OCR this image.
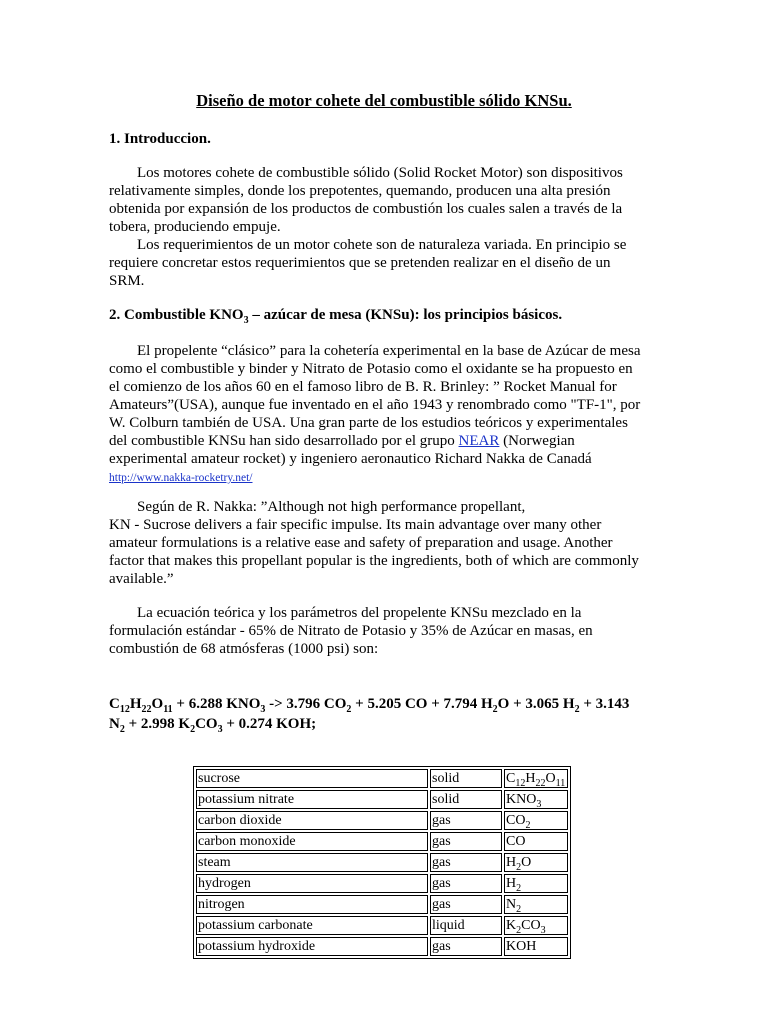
Diseño de motor cohete del combustible sólido KNSu.
1. Introduccion.
Los motores cohete de combustible sólido (Solid Rocket Motor) son dispositivos
relativamente simples, donde los prepotentes, quemando, producen una alta presión
obtenida por expansión de los productos de combustión los cuales salen a través de la
tobera, produciendo empuje.
Los requerimientos de un motor cohete son de naturaleza variada. En principio se
requiere concretar estos requerimientos que se pretenden realizar en el diseño de un
SRM.
2. Combustible $KNO_3$ – azúcar de mesa (KNSu): los principios básicos.
El propelente “clásico” para la cohetería experimental en la base de Azúcar de mesa
como el combustible y binder y Nitrato de Potasio como el oxidante se ha propuesto en
el comienzo de los años 60 en el famoso libro de B. R. Brinley: ” Rocket Manual for
Amateurs”(USA), aunque fue inventado en el año 1943 y renombrado como "TF-1", por
W. Colburn también de USA. Una gran parte de los estudios teóricos y experimentales
del combustible KNSu han sido desarrollado por el grupo NEAR (Norwegian
experimental amateur rocket) y ingeniero aeronautico Richard Nakka de Canadá
http://www.nakka-rocketry.net/
Según de R. Nakka: ”Although not high performance propellant,
KN - Sucrose delivers a fair specific impulse. Its main advantage over many other
amateur formulations is a relative ease and safety of preparation and usage. Another
factor that makes this propellant popular is the ingredients, both of which are commonly
available.”
La ecuación teórica y los parámetros del propelente KNSu mezclado en la
formulación estándar - 65% de Nitrato de Potasio y 35% de Azúcar en masas, en
combustión de 68 atmósferas (1000 psi) son:
$C_{12}H_{22}O_{11} + 6.288$ $KNO_3 -> 3.796$ $CO_2 + 5.205$ CO + 7.794 $H_2O + 3.065$ $H_2 + 3.143$
$N_2 + 2.998$ $K_2CO_3 + 0.274$ KOH;
sucrose	solid	$C_{12}H_{22}O_{11}$
potassium nitrate	solid	$KNO_3$
carbon dioxide	gas	$CO_2$
carbon monoxide	gas	CO
steam	gas	$H_2O$
hydrogen	gas	$H_2$
nitrogen	gas	$N_2$
potassium carbonate	liquid	$K_2CO_3$
potassium hydroxide	gas	KOH
